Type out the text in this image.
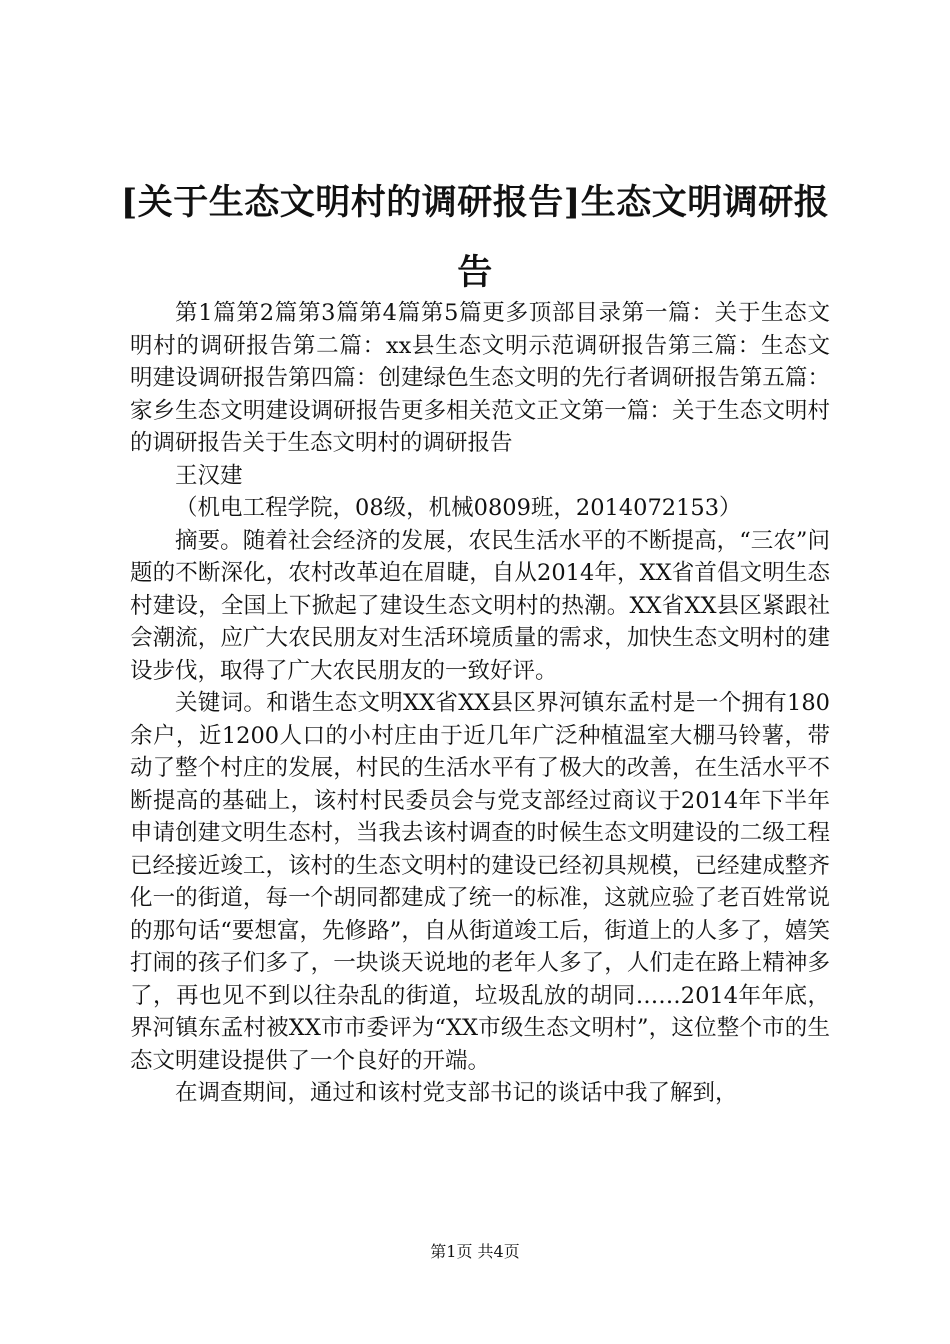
[关于生态文明村的调研报告]生态文明调研报告

第1篇第2篇第3篇第4篇第5篇更多顶部目录第一篇：关于生态文明村的调研报告第二篇：xx县生态文明示范调研报告第三篇：生态文明建设调研报告第四篇：创建绿色生态文明的先行者调研报告第五篇：家乡生态文明建设调研报告更多相关范文正文第一篇：关于生态文明村的调研报告关于生态文明村的调研报告

王汉建

（机电工程学院，08级，机械0809班，2014072153）

摘要。随着社会经济的发展，农民生活水平的不断提高，“三农”问题的不断深化，农村改革迫在眉睫，自从2014年，XX省首倡文明生态村建设，全国上下掀起了建设生态文明村的热潮。XX省XX县区紧跟社会潮流，应广大农民朋友对生活环境质量的需求，加快生态文明村的建设步伐，取得了广大农民朋友的一致好评。

关键词。和谐生态文明XX省XX县区界河镇东孟村是一个拥有180余户，近1200人口的小村庄由于近几年广泛种植温室大棚马铃薯，带动了整个村庄的发展，村民的生活水平有了极大的改善，在生活水平不断提高的基础上，该村村民委员会与党支部经过商议于2014年下半年申请创建文明生态村，当我去该村调查的时候生态文明建设的二级工程已经接近竣工，该村的生态文明村的建设已经初具规模，已经建成整齐化一的街道，每一个胡同都建成了统一的标准，这就应验了老百姓常说的那句话“要想富，先修路”，自从街道竣工后，街道上的人多了，嬉笑打闹的孩子们多了，一块谈天说地的老年人多了，人们走在路上精神多了，再也见不到以往杂乱的街道，垃圾乱放的胡同……2014年年底，界河镇东孟村被XX市市委评为“XX市级生态文明村”，这位整个市的生态文明建设提供了一个良好的开端。

在调查期间，通过和该村党支部书记的谈话中我了解到，

第1页 共4页
